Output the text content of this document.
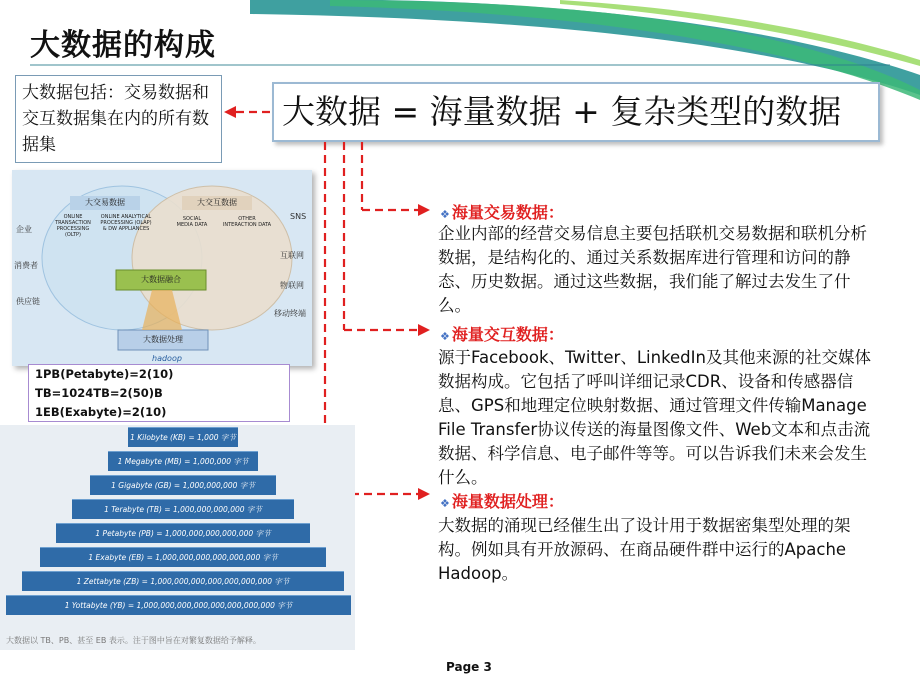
大数据的构成
大数据包括：交易数据和交互数据集在内的所有数据集
大数据 = 海量数据 + 复杂类型的数据
❖ 海量交易数据：
企业内部的经营交易信息主要包括联机交易数据和联机分析数据，是结构化的、通过关系数据库进行管理和访问的静态、历史数据。通过这些数据，我们能了解过去发生了什么。
❖ 海量交互数据：
源于Facebook、Twitter、LinkedIn及其他来源的社交媒体数据构成。它包括了呼叫详细记录CDR、设备和传感器信息、GPS和地理定位映射数据、通过管理文件传输Manage File Transfer协议传送的海量图像文件、Web文本和点击流数据、科学信息、电子邮件等等。可以告诉我们未来会发生什么。
❖ 海量数据处理：
大数据的涌现已经催生出了设计用于数据密集型处理的架构。例如具有开放源码、在商品硬件群中运行的Apache Hadoop。
大交易数据	大交互数据
大数据融合
大数据处理
ONLINE TRANSACTION PROCESSING (OLTP)
ONLINE ANALYTICAL PROCESSING (OLAP) & DW APPLIANCES
SOCIAL MEDIA DATA
OTHER INTERACTION DATA
企业
消费者
供应链
SNS
互联网
物联网
移动终端
hadoop
1PB(Petabyte)=2(10) TB=1024TB=2(50)B
1EB(Exabyte)=2(10)
1 Kilobyte (KB) = 1,000 字节
1 Megabyte (MB) = 1,000,000 字节
1 Gigabyte (GB) = 1,000,000,000 字节
1 Terabyte (TB) = 1,000,000,000,000 字节
1 Petabyte (PB) = 1,000,000,000,000,000 字节
1 Exabyte (EB) = 1,000,000,000,000,000,000 字节
1 Zettabyte (ZB) = 1,000,000,000,000,000,000,000 字节
1 Yottabyte (YB) = 1,000,000,000,000,000,000,000,000 字节
大数据以 TB、PB、甚至 EB 表示。注于图中旨在对繁复数据给予解释。
Page 3
